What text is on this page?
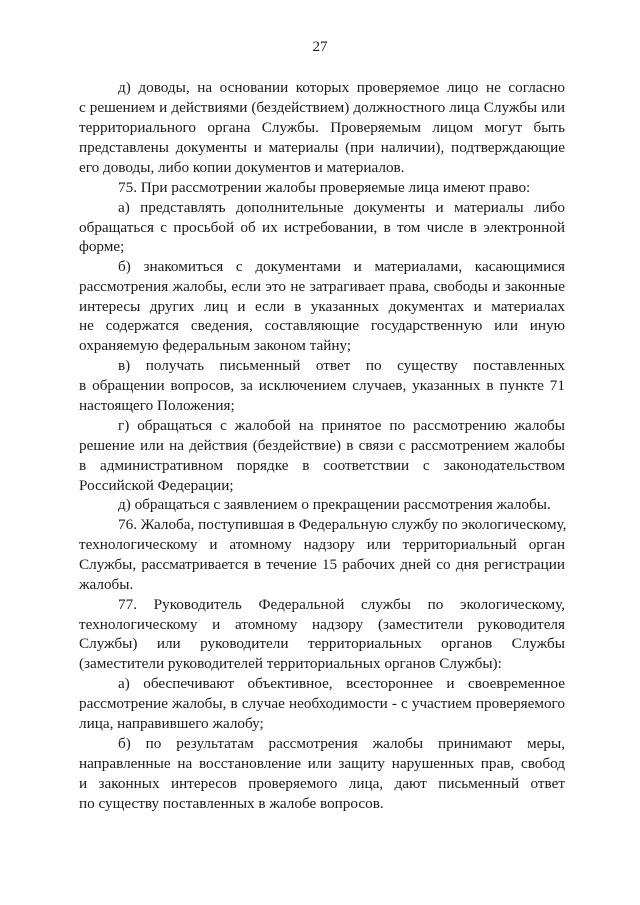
27
д) доводы, на основании которых проверяемое лицо не согласно
с решением и действиями (бездействием) должностного лица Службы или
территориального органа Службы. Проверяемым лицом могут быть
представлены документы и материалы (при наличии), подтверждающие
его доводы, либо копии документов и материалов.
75. При рассмотрении жалобы проверяемые лица имеют право:
а) представлять дополнительные документы и материалы либо
обращаться с просьбой об их истребовании, в том числе в электронной
форме;
б) знакомиться с документами и материалами, касающимися
рассмотрения жалобы, если это не затрагивает права, свободы и законные
интересы других лиц и если в указанных документах и материалах
не содержатся сведения, составляющие государственную или иную
охраняемую федеральным законом тайну;
в) получать письменный ответ по существу поставленных
в обращении вопросов, за исключением случаев, указанных в пункте 71
настоящего Положения;
г) обращаться с жалобой на принятое по рассмотрению жалобы
решение или на действия (бездействие) в связи с рассмотрением жалобы
в административном порядке в соответствии с законодательством
Российской Федерации;
д) обращаться с заявлением о прекращении рассмотрения жалобы.
76. Жалоба, поступившая в Федеральную службу по экологическому,
технологическому и атомному надзору или территориальный орган
Службы, рассматривается в течение 15 рабочих дней со дня регистрации
жалобы.
77. Руководитель Федеральной службы по экологическому,
технологическому и атомному надзору (заместители руководителя
Службы) или руководители территориальных органов Службы
(заместители руководителей территориальных органов Службы):
а) обеспечивают объективное, всестороннее и своевременное
рассмотрение жалобы, в случае необходимости - с участием проверяемого
лица, направившего жалобу;
б) по результатам рассмотрения жалобы принимают меры,
направленные на восстановление или защиту нарушенных прав, свобод
и законных интересов проверяемого лица, дают письменный ответ
по существу поставленных в жалобе вопросов.
